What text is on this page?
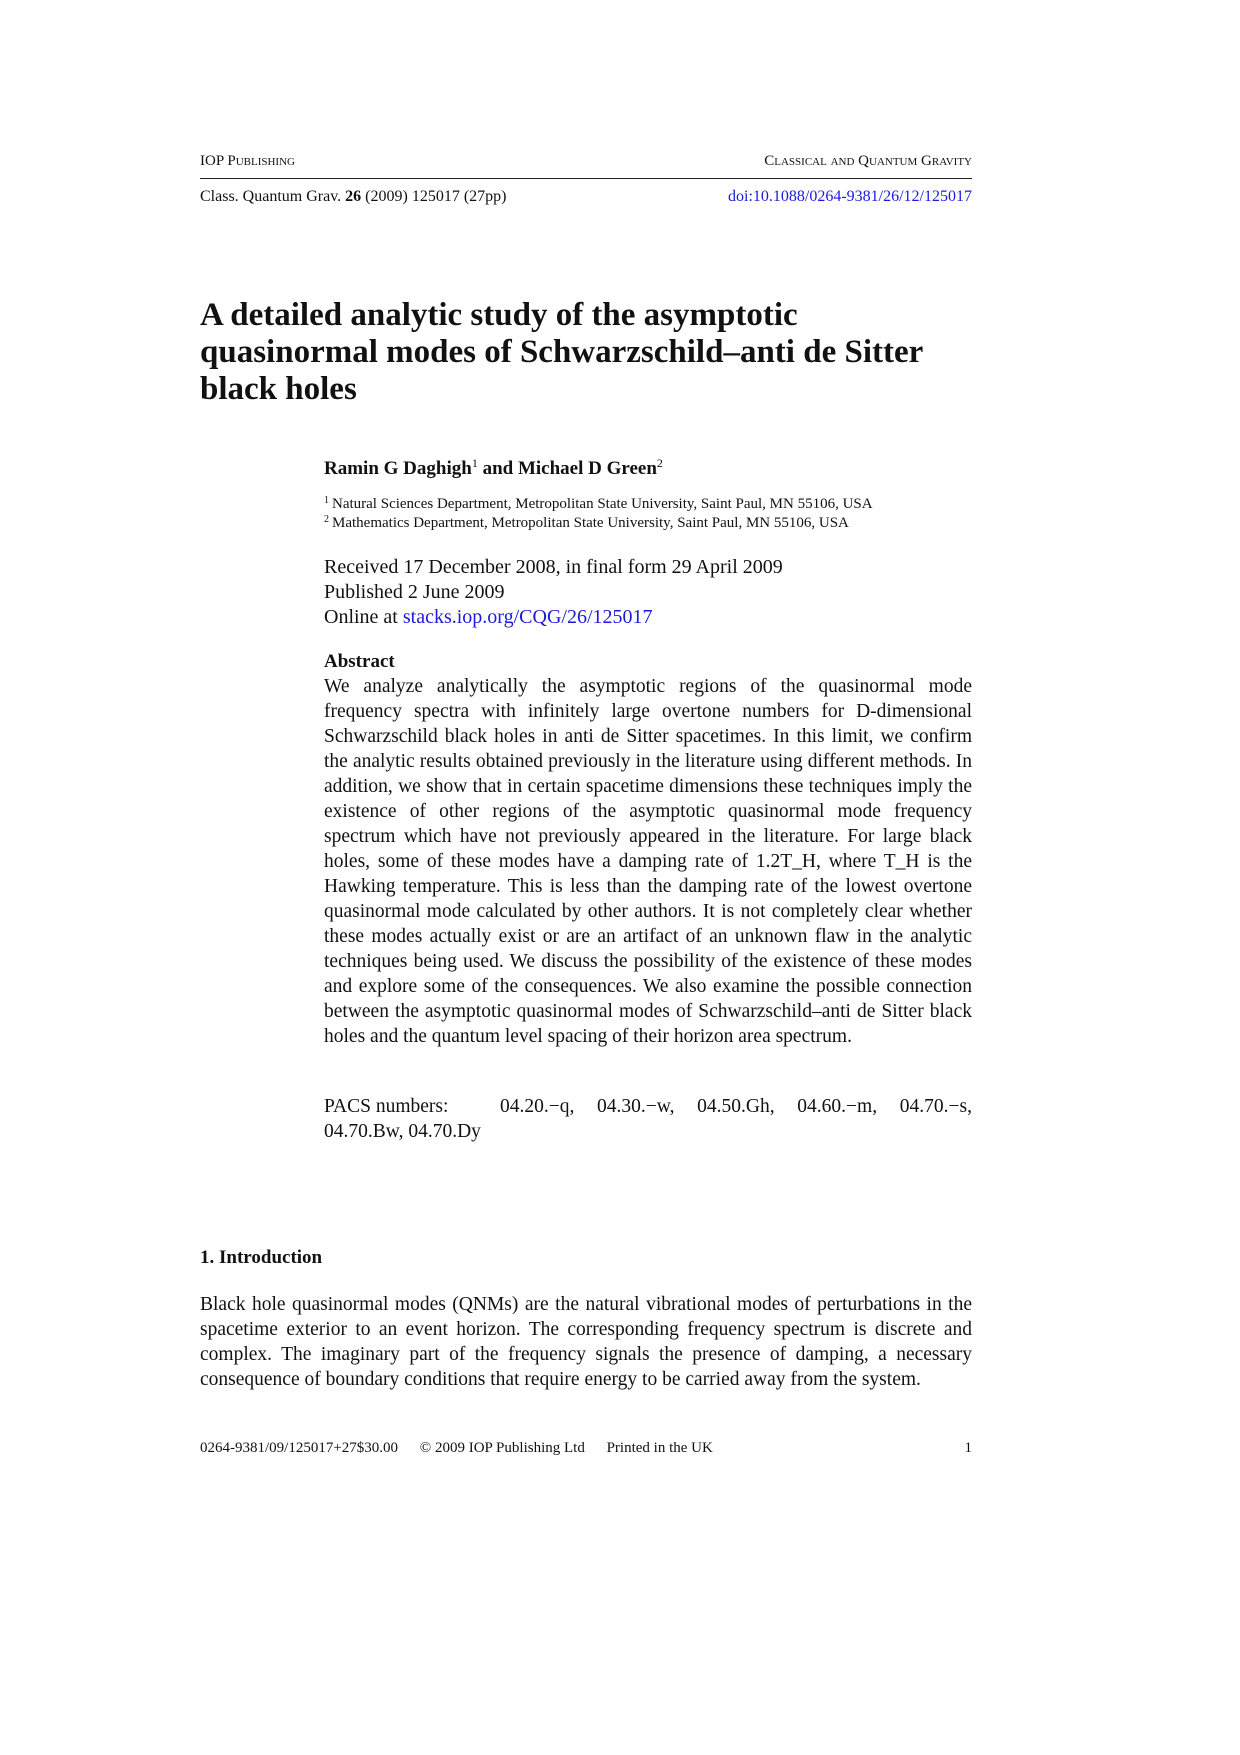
IOP Publishing	Classical and Quantum Gravity
Class. Quantum Grav. 26 (2009) 125017 (27pp)	doi:10.1088/0264-9381/26/12/125017
A detailed analytic study of the asymptotic quasinormal modes of Schwarzschild–anti de Sitter black holes
Ramin G Daghigh$^1$ and Michael D Green$^2$
$^1$ Natural Sciences Department, Metropolitan State University, Saint Paul, MN 55106, USA
$^2$ Mathematics Department, Metropolitan State University, Saint Paul, MN 55106, USA
Received 17 December 2008, in final form 29 April 2009
Published 2 June 2009
Online at stacks.iop.org/CQG/26/125017
Abstract
We analyze analytically the asymptotic regions of the quasinormal mode frequency spectra with infinitely large overtone numbers for D-dimensional Schwarzschild black holes in anti de Sitter spacetimes. In this limit, we confirm the analytic results obtained previously in the literature using different methods. In addition, we show that in certain spacetime dimensions these techniques imply the existence of other regions of the asymptotic quasinormal mode frequency spectrum which have not previously appeared in the literature. For large black holes, some of these modes have a damping rate of 1.2T_H, where T_H is the Hawking temperature. This is less than the damping rate of the lowest overtone quasinormal mode calculated by other authors. It is not completely clear whether these modes actually exist or are an artifact of an unknown flaw in the analytic techniques being used. We discuss the possibility of the existence of these modes and explore some of the consequences. We also examine the possible connection between the asymptotic quasinormal modes of Schwarzschild–anti de Sitter black holes and the quantum level spacing of their horizon area spectrum.
PACS numbers:	04.20.−q, 04.30.−w, 04.50.Gh, 04.60.−m, 04.70.−s,
04.70.Bw, 04.70.Dy
1. Introduction
Black hole quasinormal modes (QNMs) are the natural vibrational modes of perturbations in the spacetime exterior to an event horizon. The corresponding frequency spectrum is discrete and complex. The imaginary part of the frequency signals the presence of damping, a necessary consequence of boundary conditions that require energy to be carried away from the system.
0264-9381/09/125017+27$30.00 © 2009 IOP Publishing Ltd Printed in the UK	1
